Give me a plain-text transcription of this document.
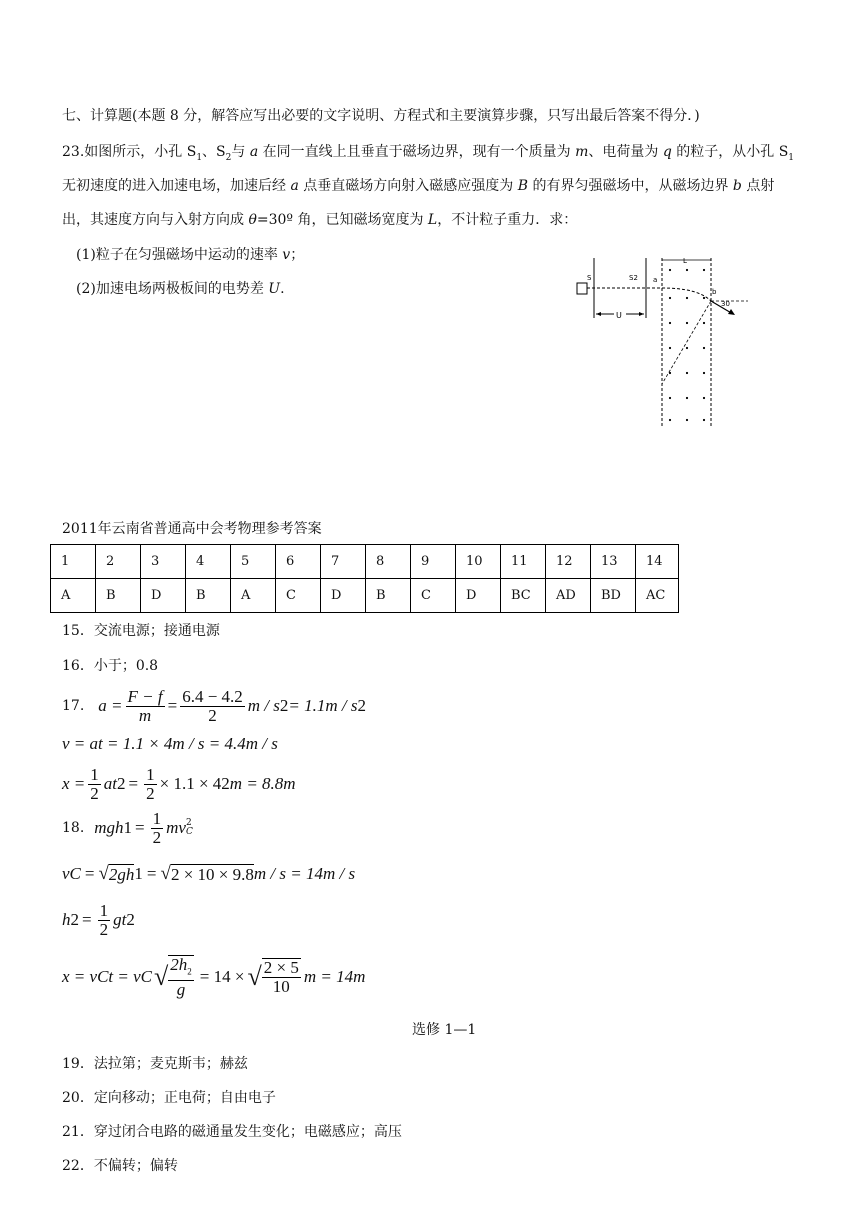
七、计算题(本题 8 分，解答应写出必要的文字说明、方程式和主要演算步骤，只写出最后答案不得分．)
23.如图所示，小孔 $S_1$、$S_2$与 a 在同一直线上且垂直于磁场边界，现有一个质量为 m、电荷量为 q 的粒子，从小孔 $S_1$
无初速度的进入加速电场，加速后经 a 点垂直磁场方向射入磁感应强度为 B 的有界匀强磁场中，从磁场边界 b 点射
出，其速度方向与入射方向成 θ=30º 角，已知磁场宽度为 L，不计粒子重力．求：
(1)粒子在匀强磁场中运动的速率 v；
(2)加速电场两极板间的电势差 U.
S	S2
U
L
a
b
30
2011年云南省普通高中会考物理参考答案
1	2	3	4	5	6	7	8	9	10	11	12	13	14
A	B	D	B	A	C	D	B	C	D	BC	AD	BD	AC
15．交流电源；接通电源
16．小于；0.8
17. $a = \frac{F - f}{m} = \frac{6.4 - 4.2}{2}$ m / s 2 = 1.1m / s 2
v = at = 1.1 × 4m / s = 4.4m / s
$x = \frac{1}{2}$ at $2 = \frac{1}{2} \times 1.1 \times 4$ 2 m = 8.8m
18. mgh $1 = \frac{1}{2}$ mv 2
C
v C = √ 2gh 1 = √ 2 × 10 × 9.8 m / s = 14m / s
h $2 = \frac{1}{2}$ gt 2
x = v C t = v C √ $\frac{2h_2}{g} = 14$ × √ $\frac{2 \times 5}{10}$ m = 14m
选修 1—1
19．法拉第；麦克斯韦；赫兹
20．定向移动；正电荷；自由电子
21．穿过闭合电路的磁通量发生变化；电磁感应；高压
22．不偏转；偏转
